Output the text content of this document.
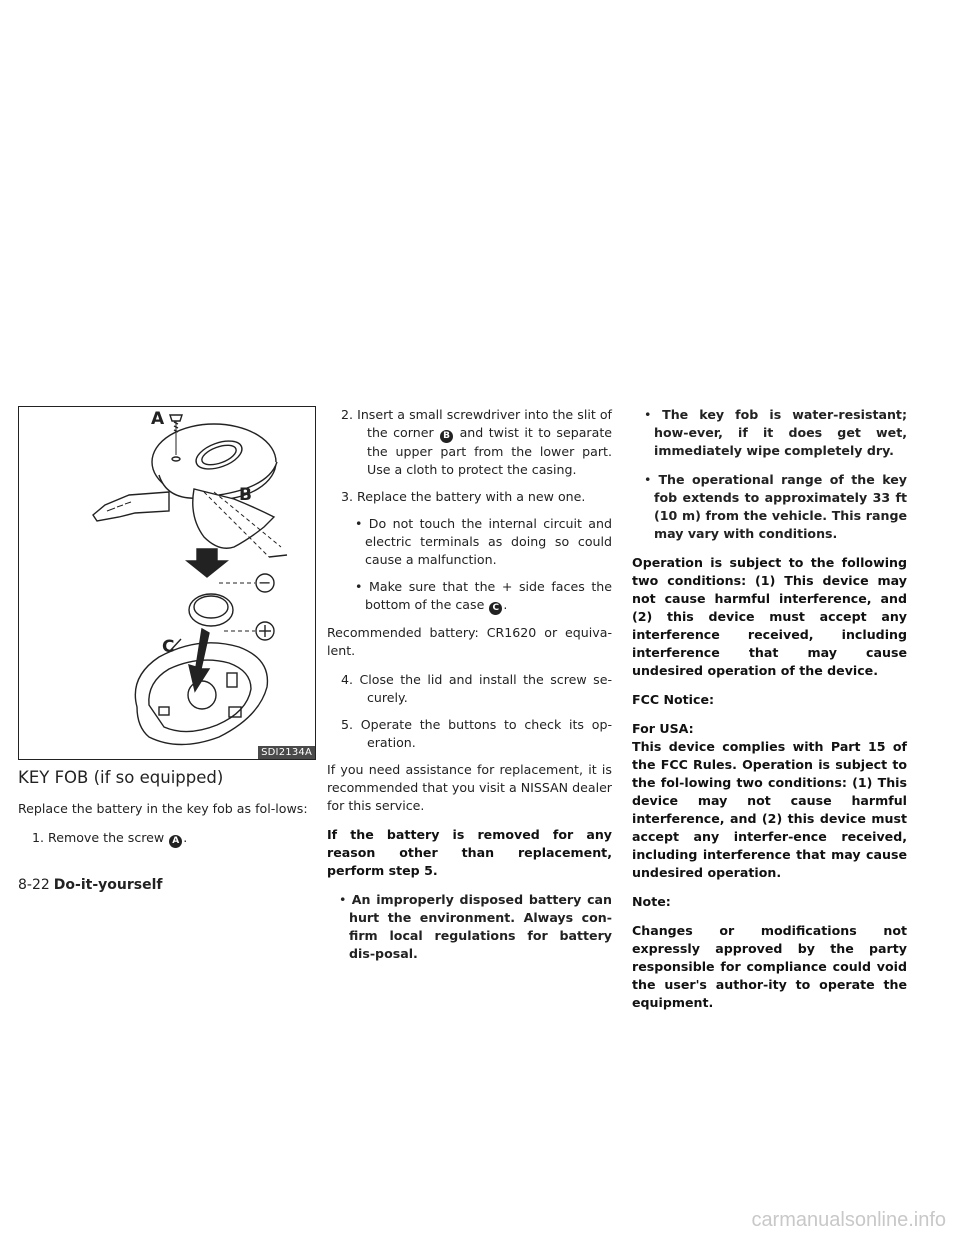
A
B
C
−
SDI2134A
KEY FOB (if so equipped)

Replace the battery in the key fob as fol-lows:

1. Remove the screw A .

2. Insert a small screwdriver into the slit of the corner B and twist it to separate the upper part from the lower part. Use a cloth to protect the casing.

3. Replace the battery with a new one.

• Do not touch the internal circuit and electric terminals as doing so could cause a malfunction.

• Make sure that the + side faces the bottom of the case C .

Recommended battery: CR1620 or equiva-lent.

4. Close the lid and install the screw se-curely.

5. Operate the buttons to check its op-eration.

If you need assistance for replacement, it is recommended that you visit a NISSAN dealer for this service.

If the battery is removed for any reason other than replacement, perform step 5.

• An improperly disposed battery can hurt the environment. Always con-firm local regulations for battery dis-posal.

• The key fob is water-resistant; how-ever, if it does get wet, immediately wipe completely dry.

• The operational range of the key fob extends to approximately 33 ft (10 m) from the vehicle. This range may vary with conditions.

Operation is subject to the following two conditions: (1) This device may not cause harmful interference, and (2) this device must accept any interference received, including interference that may cause undesired operation of the device.

FCC Notice:

For USA:

This device complies with Part 15 of the FCC Rules. Operation is subject to the fol-lowing two conditions: (1) This device may not cause harmful interference, and (2) this device must accept any interfer-ence received, including interference that may cause undesired operation.

Note:

Changes or modifications not expressly approved by the party responsible for compliance could void the user's author-ity to operate the equipment.

8-22 Do-it-yourself
carmanualsonline.info
